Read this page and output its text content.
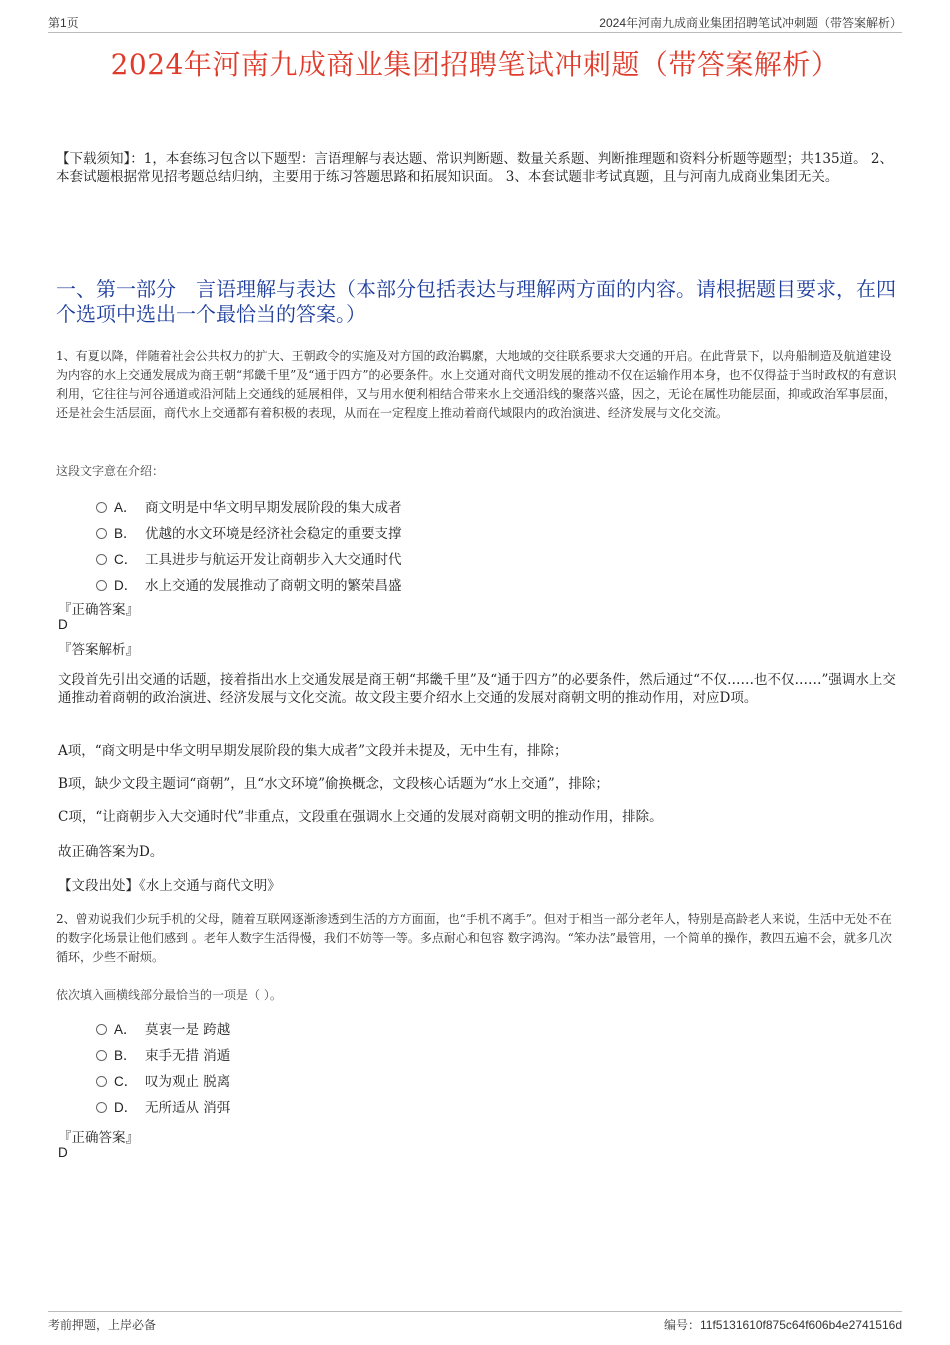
第1页	2024年河南九成商业集团招聘笔试冲刺题（带答案解析）
2024年河南九成商业集团招聘笔试冲刺题（带答案解析）
【下载须知】：1，本套练习包含以下题型：言语理解与表达题、常识判断题、数量关系题、判断推理题和资料分析题等题型；共135道。 2、本套试题根据常见招考题总结归纳，主要用于练习答题思路和拓展知识面。 3、本套试题非考试真题，且与河南九成商业集团无关。
一、第一部分　言语理解与表达（本部分包括表达与理解两方面的内容。请根据题目要求，在四个选项中选出一个最恰当的答案。）
1、有夏以降，伴随着社会公共权力的扩大、王朝政令的实施及对方国的政治羁縻，大地域的交往联系要求大交通的开启。在此背景下，以舟船制造及航道建设为内容的水上交通发展成为商王朝“邦畿千里”及“通于四方”的必要条件。水上交通对商代文明发展的推动不仅在运输作用本身，也不仅得益于当时政权的有意识利用，它往往与河谷通道或沿河陆上交通线的延展相伴，又与用水便利相结合带来水上交通沿线的聚落兴盛，因之，无论在属性功能层面，抑或政治军事层面，还是社会生活层面，商代水上交通都有着积极的表现，从而在一定程度上推动着商代域限内的政治演进、经济发展与文化交流。
这段文字意在介绍：
A． 商文明是中华文明早期发展阶段的集大成者
B． 优越的水文环境是经济社会稳定的重要支撑
C． 工具进步与航运开发让商朝步入大交通时代
D． 水上交通的发展推动了商朝文明的繁荣昌盛
『正确答案』
D
『答案解析』
文段首先引出交通的话题，接着指出水上交通发展是商王朝“邦畿千里”及“通于四方”的必要条件，然后通过“不仅……也不仅……”强调水上交通推动着商朝的政治演进、经济发展与文化交流。故文段主要介绍水上交通的发展对商朝文明的推动作用，对应D项。
A项，“商文明是中华文明早期发展阶段的集大成者”文段并未提及，无中生有，排除；
B项，缺少文段主题词“商朝”，且“水文环境”偷换概念，文段核心话题为“水上交通”，排除；
C项，“让商朝步入大交通时代”非重点，文段重在强调水上交通的发展对商朝文明的推动作用，排除。
故正确答案为D。
【文段出处】《水上交通与商代文明》
2、曾劝说我们少玩手机的父母，随着互联网逐渐渗透到生活的方方面面，也“手机不离手”。但对于相当一部分老年人，特别是高龄老人来说，生活中无处不在的数字化场景让他们感到 。老年人数字生活得慢，我们不妨等一等。多点耐心和包容 数字鸿沟。“笨办法”最管用，一个简单的操作，教四五遍不会，就多几次循环，少些不耐烦。
依次填入画横线部分最恰当的一项是（ ）。
A． 莫衷一是 跨越
B． 束手无措 消遁
C． 叹为观止 脱离
D． 无所适从 消弭
『正确答案』
D
考前押题，上岸必备	编号：11f5131610f875c64f606b4e2741516d
